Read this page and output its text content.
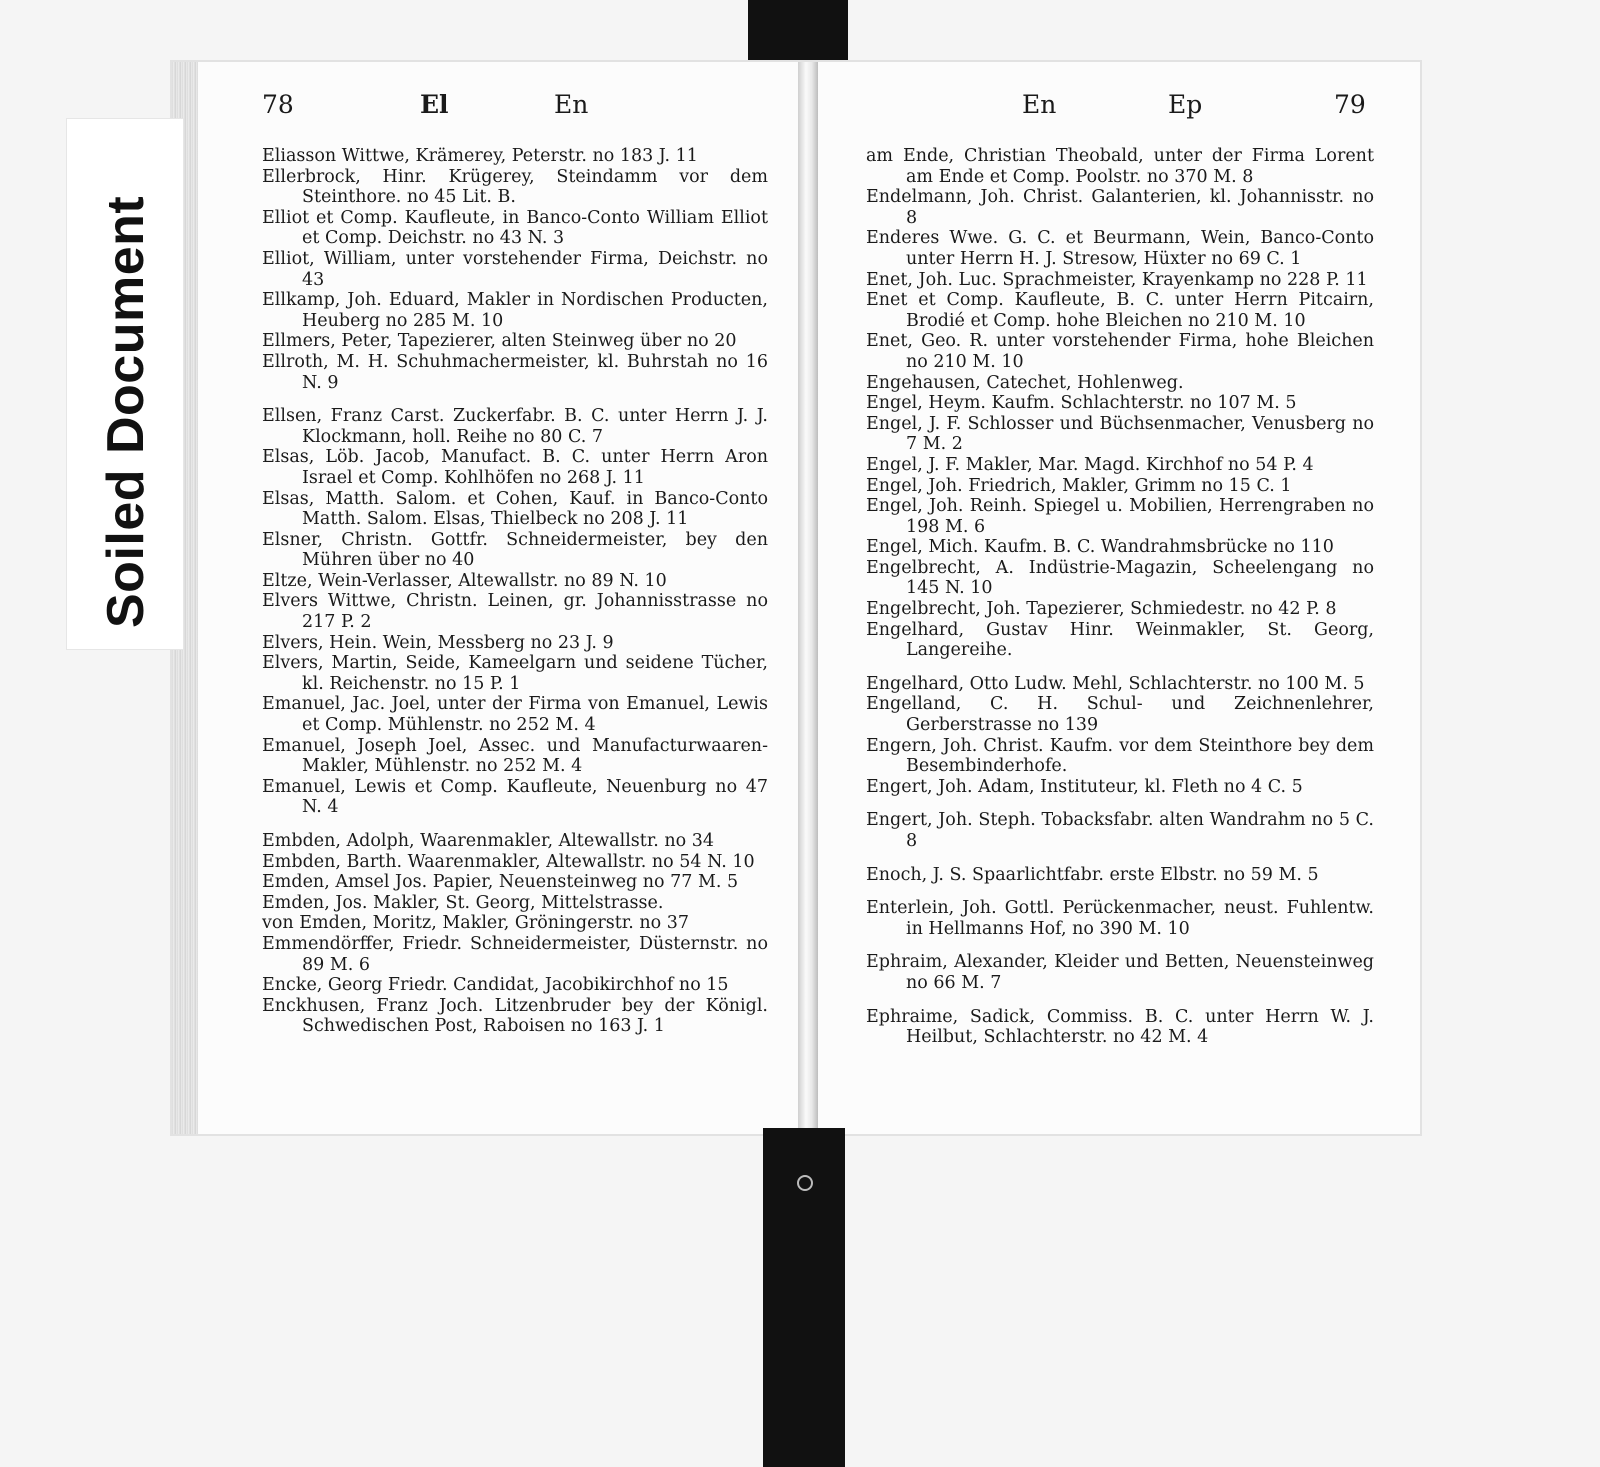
Soiled Document
78	El	En
Eliasson Wittwe, Krämerey, Peterstr. no 183 J. 11
Ellerbrock, Hinr. Krügerey, Steindamm vor dem Steinthore. no 45 Lit. B.
Elliot et Comp. Kaufleute, in Banco-Conto William Elliot et Comp. Deichstr. no 43 N. 3
Elliot, William, unter vorstehender Firma, Deichstr. no 43
Ellkamp, Joh. Eduard, Makler in Nordischen Producten, Heuberg no 285 M. 10
Ellmers, Peter, Tapezierer, alten Steinweg über no 20
Ellroth, M. H. Schuhmachermeister, kl. Buhrstah no 16 N. 9
Ellsen, Franz Carst. Zuckerfabr. B. C. unter Herrn J. J. Klockmann, holl. Reihe no 80 C. 7
Elsas, Löb. Jacob, Manufact. B. C. unter Herrn Aron Israel et Comp. Kohlhöfen no 268 J. 11
Elsas, Matth. Salom. et Cohen, Kauf. in Banco-Conto Matth. Salom. Elsas, Thielbeck no 208 J. 11
Elsner, Christn. Gottfr. Schneidermeister, bey den Mühren über no 40
Eltze, Wein-Verlasser, Altewallstr. no 89 N. 10
Elvers Wittwe, Christn. Leinen, gr. Johannisstrasse no 217 P. 2
Elvers, Hein. Wein, Messberg no 23 J. 9
Elvers, Martin, Seide, Kameelgarn und seidene Tücher, kl. Reichenstr. no 15 P. 1
Emanuel, Jac. Joel, unter der Firma von Emanuel, Lewis et Comp. Mühlenstr. no 252 M. 4
Emanuel, Joseph Joel, Assec. und Manufacturwaaren-Makler, Mühlenstr. no 252 M. 4
Emanuel, Lewis et Comp. Kaufleute, Neuenburg no 47 N. 4
Embden, Adolph, Waarenmakler, Altewallstr. no 34
Embden, Barth. Waarenmakler, Altewallstr. no 54 N. 10
Emden, Amsel Jos. Papier, Neuensteinweg no 77 M. 5
Emden, Jos. Makler, St. Georg, Mittelstrasse.
von Emden, Moritz, Makler, Gröningerstr. no 37
Emmendörffer, Friedr. Schneidermeister, Düsternstr. no 89 M. 6
Encke, Georg Friedr. Candidat, Jacobikirchhof no 15
Enckhusen, Franz Joch. Litzenbruder bey der Königl. Schwedischen Post, Raboisen no 163 J. 1
En	Ep	79
am Ende, Christian Theobald, unter der Firma Lorent am Ende et Comp. Poolstr. no 370 M. 8
Endelmann, Joh. Christ. Galanterien, kl. Johannisstr. no 8
Enderes Wwe. G. C. et Beurmann, Wein, Banco-Conto unter Herrn H. J. Stresow, Hüxter no 69 C. 1
Enet, Joh. Luc. Sprachmeister, Krayenkamp no 228 P. 11
Enet et Comp. Kaufleute, B. C. unter Herrn Pitcairn, Brodié et Comp. hohe Bleichen no 210 M. 10
Enet, Geo. R. unter vorstehender Firma, hohe Bleichen no 210 M. 10
Engehausen, Catechet, Hohlenweg.
Engel, Heym. Kaufm. Schlachterstr. no 107 M. 5
Engel, J. F. Schlosser und Büchsenmacher, Venusberg no 7 M. 2
Engel, J. F. Makler, Mar. Magd. Kirchhof no 54 P. 4
Engel, Joh. Friedrich, Makler, Grimm no 15 C. 1
Engel, Joh. Reinh. Spiegel u. Mobilien, Herrengraben no 198 M. 6
Engel, Mich. Kaufm. B. C. Wandrahmsbrücke no 110
Engelbrecht, A. Indüstrie-Magazin, Scheelengang no 145 N. 10
Engelbrecht, Joh. Tapezierer, Schmiedestr. no 42 P. 8
Engelhard, Gustav Hinr. Weinmakler, St. Georg, Langereihe.
Engelhard, Otto Ludw. Mehl, Schlachterstr. no 100 M. 5
Engelland, C. H. Schul- und Zeichnenlehrer, Gerberstrasse no 139
Engern, Joh. Christ. Kaufm. vor dem Steinthore bey dem Besembinderhofe.
Engert, Joh. Adam, Instituteur, kl. Fleth no 4 C. 5
Engert, Joh. Steph. Tobacksfabr. alten Wandrahm no 5 C. 8
Enoch, J. S. Spaarlichtfabr. erste Elbstr. no 59 M. 5
Enterlein, Joh. Gottl. Perückenmacher, neust. Fuhlentw. in Hellmanns Hof, no 390 M. 10
Ephraim, Alexander, Kleider und Betten, Neuensteinweg no 66 M. 7
Ephraime, Sadick, Commiss. B. C. unter Herrn W. J. Heilbut, Schlachterstr. no 42 M. 4
